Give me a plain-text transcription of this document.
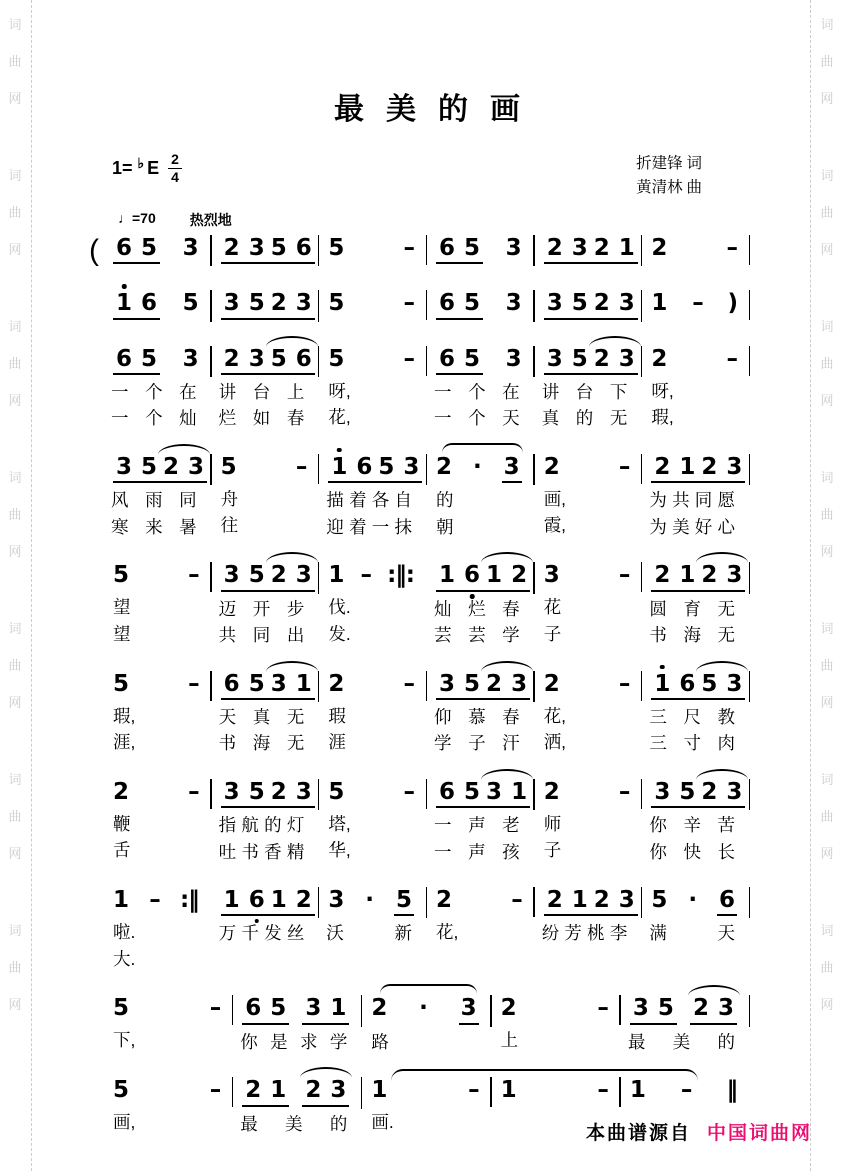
词
曲
网
词
曲
网
词
曲
网
词
曲
网
词
曲
网
词
曲
网
词
曲
网
词
曲
网
词
曲
网
词
曲
网
词
曲
网
词
曲
网
词
曲
网
词
曲
网
最美的画
1= ♭ E $\frac{2}{4}$	折建锋 词
黄清林 曲
♩=70 热烈地
( 6 5 3 2 3 5 6 5	– 6 5 3 2 3 2 1 2	–
1 6 5 3 5 2 3 5	– 6 5 3 3 5 2 3 1 – )
6 5 3
一 个 在
一 个 灿
2 3 5 6
讲 台 上
烂 如 春
5	–
呀,
花,
6 5 3
一 个 在
一 个 天
3 5 2 3
讲 台 下
真 的 无
2	–
呀,
瑕,
3 5 2 3
风 雨 同
寒 来 暑
5	–
舟
往
1 6 5 3
描 着 各 自
迎 着 一 抹
2 · 3
的
朝
2	–
画,
霞,
2 1 2 3
为 共 同 愿
为 美 好 心
5	–
望
望
3 5 2 3
迈 开 步
共 同 出
1 – :‖:
伐.
发.
1 6 1 2
灿 烂 春
芸 芸 学
3	–
花
子
2 1 2 3
圆 育 无
书 海 无
5	–
瑕,
涯,
6 5 3 1
天 真 无
书 海 无
2	–
瑕
涯
3 5 2 3
仰 慕 春
学 子 汗
2	–
花,
洒,
1 6 5 3
三 尺 教
三 寸 肉
2	–
鞭
舌
3 5 2 3
指 航 的 灯
吐 书 香 精
5	–
塔,
华,
6 5 3 1
一 声 老
一 声 孩
2	–
师
子
3 5 2 3
你 辛 苦
你 快 长
1 – :‖
啦.
大.
1 6 1 2
万 千 发 丝
3 · 5
沃	新
2	–
花,
2 1 2 3
纷 芳 桃 李
5 · 6
满	天
5	–
下,
6 5 3 1
你 是 求 学
2 · 3
路
2	–
上
3 5 2 3
最 美 的
5	–
画,
2 1 2 3
最 美 的
1	–
画.
1	– 1 – ‖
本曲谱源自 中国词曲网
